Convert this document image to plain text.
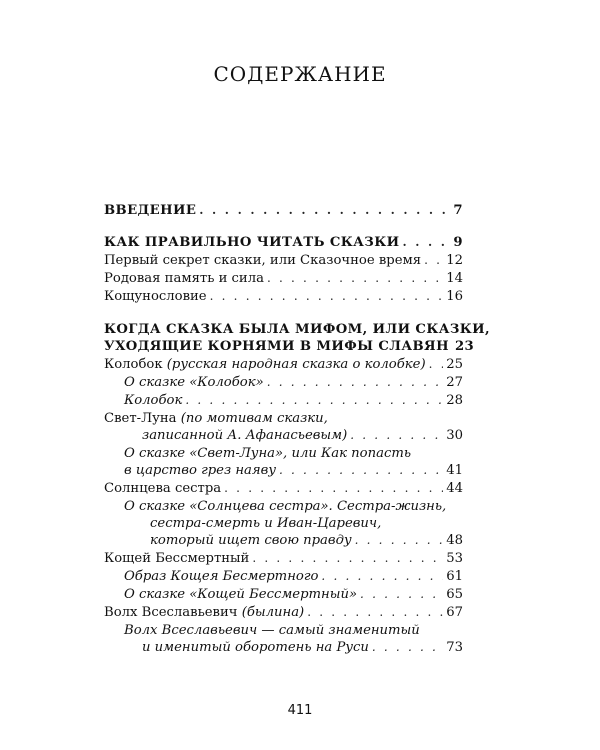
СОДЕРЖАНИЕ
ВВЕДЕНИЕ . . .	7
КАК ПРАВИЛЬНО ЧИТАТЬ СКАЗКИ . . .	9
Первый секрет сказки, или Сказочное время . . . 12
Родовая память и сила . . .	14
Кощунословие . . .	16
КОГДА СКАЗКА БЫЛА МИФОМ, ИЛИ СКАЗКИ,
УХОДЯЩИЕ КОРНЯМИ В МИФЫ СЛАВЯН 23
Колобок (русская народная сказка о колобке) . . . 25
О сказке «Колобок» . . .	27
Колобок . . .	28
Свет-Луна (по мотивам сказки,
записанной А. Афанасьевым) . . .	30
О сказке «Свет-Луна», или Как попасть
в царство грез наяву . . .	41
Солнцева сестра . . .	44
О сказке «Солнцева сестра». Сестра-жизнь,
сестра-смерть и Иван-Царевич,
который ищет свою правду . . .	48
Кощей Бессмертный . . .	53
Образ Кощея Бесмертного . . .	61
О сказке «Кощей Бессмертный» . . .	65
Волх Всеславьевич (былина) . . .	67
Волх Всеславьевич — самый знаменитый
и именитый оборотень на Руси . . .	73
411
